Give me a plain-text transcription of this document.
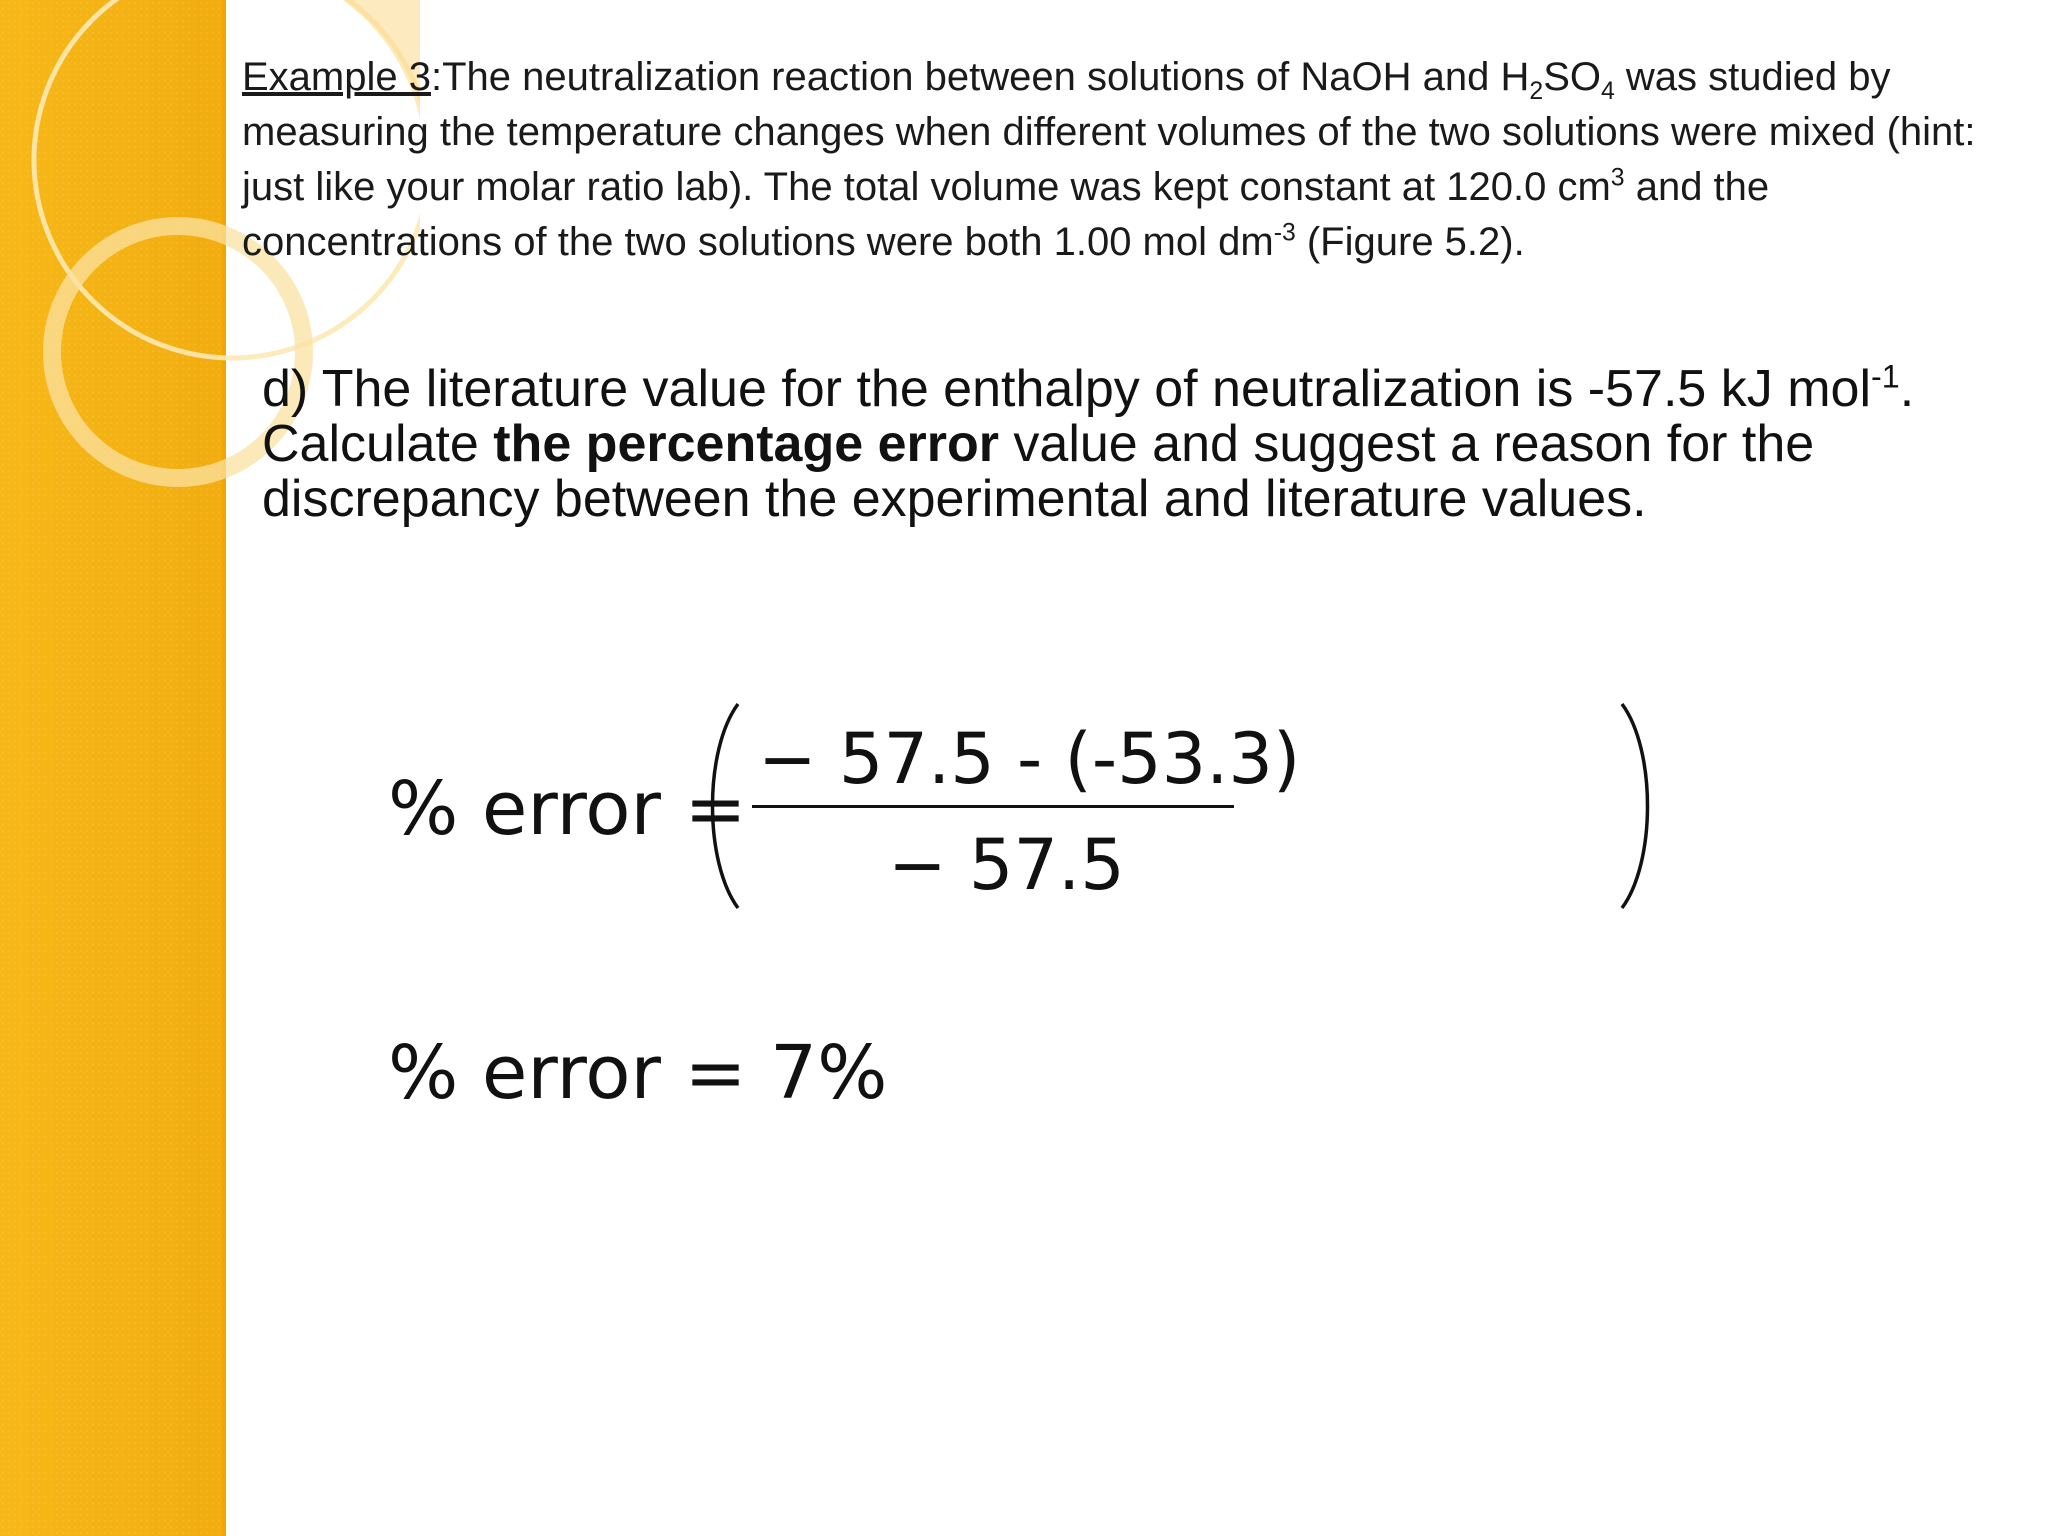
Example 3:The neutralization reaction between solutions of NaOH and $H_2SO_4$ was studied by measuring the temperature changes when different volumes of the two solutions were mixed (hint: just like your molar ratio lab). The total volume was kept constant at 120.0 $cm^3$ and the concentrations of the two solutions were both 1.00 mol $dm^{-3}$ (Figure 5.2).
d) The literature value for the enthalpy of neutralization is -57.5 kJ mol$^{-1}$. Calculate the percentage error value and suggest a reason for the discrepancy between the experimental and literature values.
% error =
− 57.5 - (-53.3)
− 57.5
% error = 7%
